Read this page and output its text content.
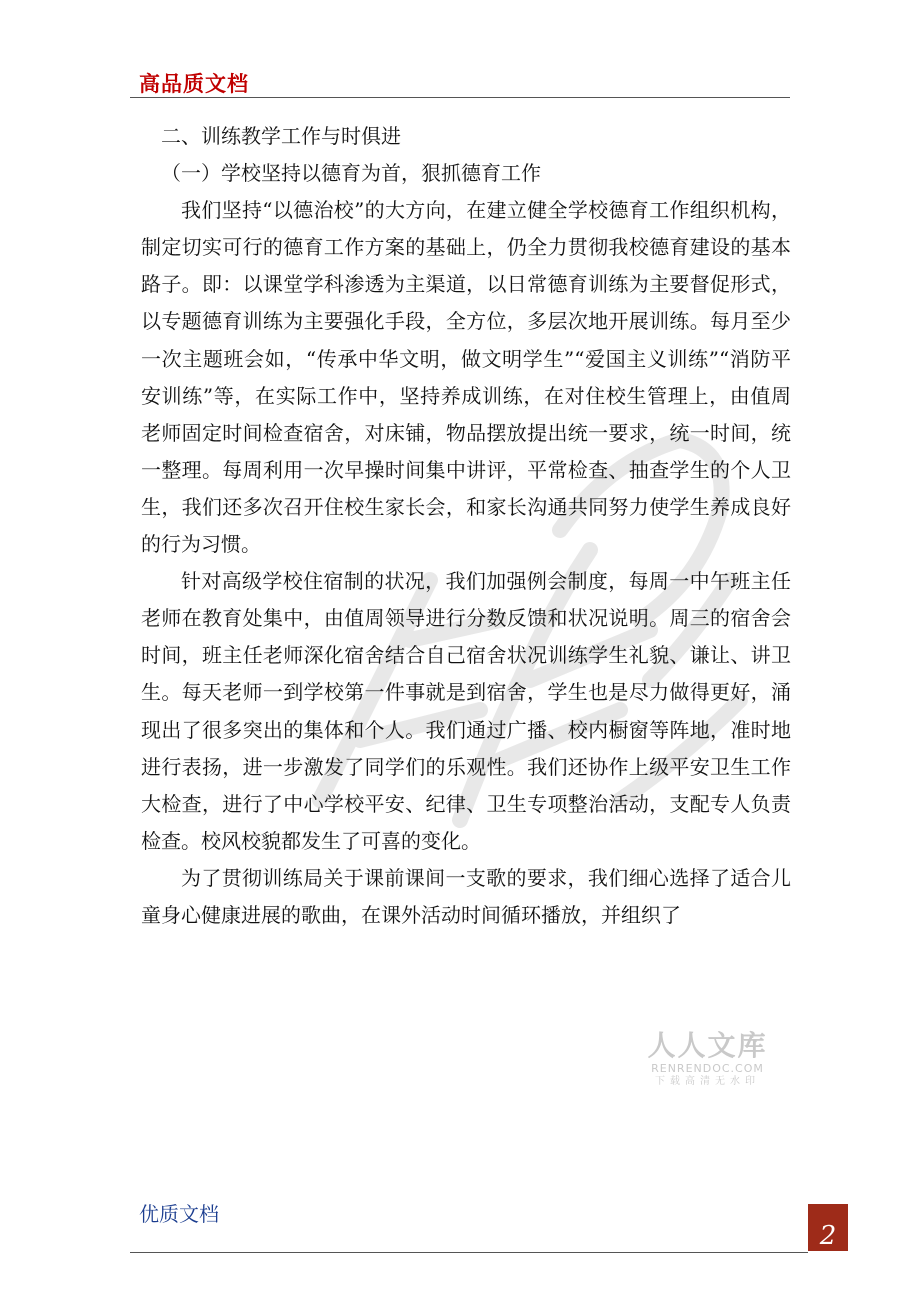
高品质文档

二、训练教学工作与时俱进

（一）学校坚持以德育为首，狠抓德育工作

我们坚持“以德治校”的大方向，在建立健全学校德育工作组织机构，制定切实可行的德育工作方案的基础上，仍全力贯彻我校德育建设的基本路子。即：以课堂学科渗透为主渠道，以日常德育训练为主要督促形式，以专题德育训练为主要强化手段，全方位，多层次地开展训练。每月至少一次主题班会如，“传承中华文明，做文明学生”“爱国主义训练”“消防平安训练”等，在实际工作中，坚持养成训练，在对住校生管理上，由值周老师固定时间检查宿舍，对床铺，物品摆放提出统一要求，统一时间，统一整理。每周利用一次早操时间集中讲评，平常检查、抽查学生的个人卫生，我们还多次召开住校生家长会，和家长沟通共同努力使学生养成良好的行为习惯。

针对高级学校住宿制的状况，我们加强例会制度，每周一中午班主任老师在教育处集中，由值周领导进行分数反馈和状况说明。周三的宿舍会时间，班主任老师深化宿舍结合自己宿舍状况训练学生礼貌、谦让、讲卫生。每天老师一到学校第一件事就是到宿舍，学生也是尽力做得更好，涌现出了很多突出的集体和个人。我们通过广播、校内橱窗等阵地，准时地进行表扬，进一步激发了同学们的乐观性。我们还协作上级平安卫生工作大检查，进行了中心学校平安、纪律、卫生专项整治活动，支配专人负责检查。校风校貌都发生了可喜的变化。

为了贯彻训练局关于课前课间一支歌的要求，我们细心选择了适合儿童身心健康进展的歌曲，在课外活动时间循环播放，并组织了

人人文库
RENRENDOC.COM
下载高清无水印
优质文档
2
